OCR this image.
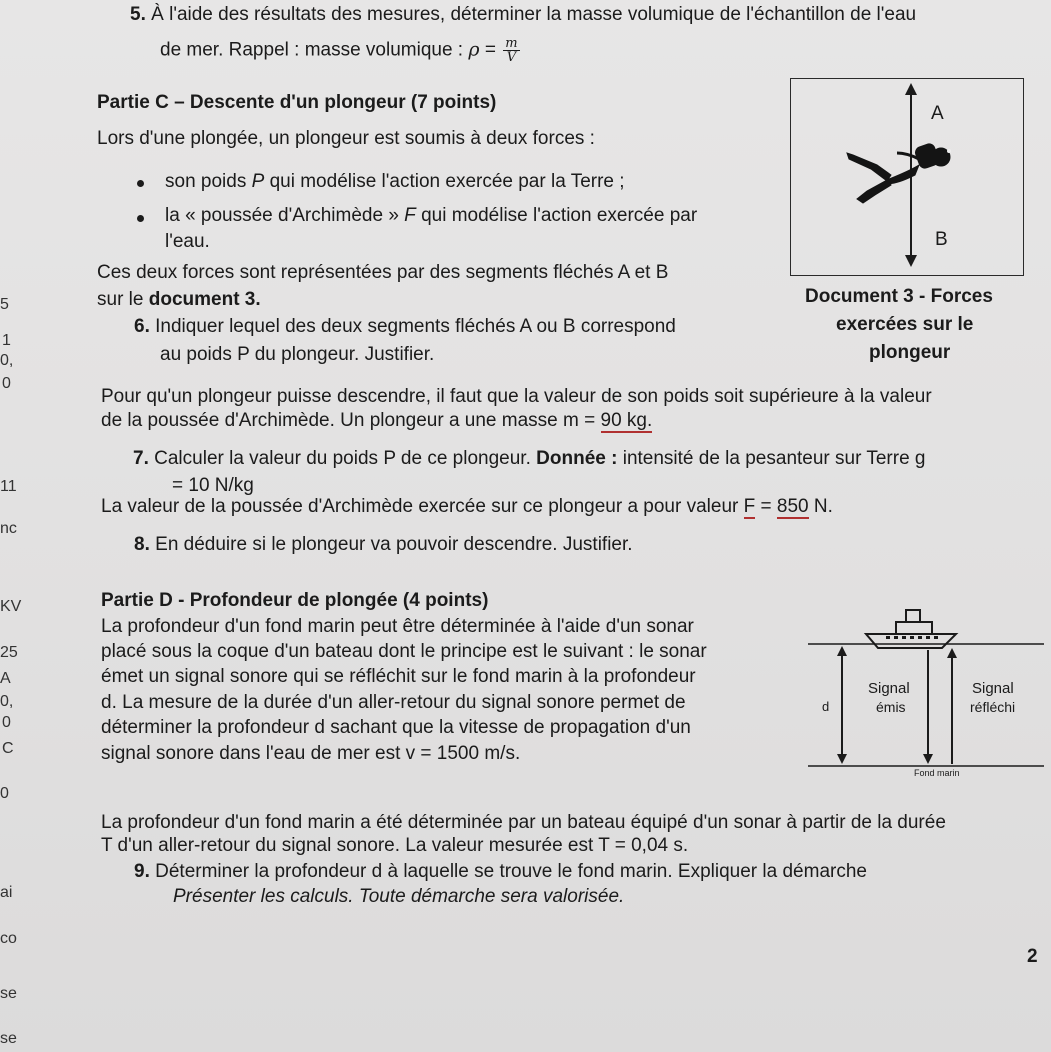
5
1
0,
0
11
nc
KV
25
A
0,
0
C
0
ai
co
se
se
5. À l'aide des résultats des mesures, déterminer la masse volumique de l'échantillon de l'eau
de mer. Rappel : masse volumique : $\rho = \frac{m}{V}$
Partie C – Descente d'un plongeur (7 points)
Lors d'une plongée, un plongeur est soumis à deux forces :
son poids P qui modélise l'action exercée par la Terre ;
la « poussée d'Archimède » F qui modélise l'action exercée par
l'eau.
Ces deux forces sont représentées par des segments fléchés A et B
sur le document 3.
A
B
Document 3 - Forces
exercées sur le
plongeur
6. Indiquer lequel des deux segments fléchés A ou B correspond
au poids P du plongeur. Justifier.
Pour qu'un plongeur puisse descendre, il faut que la valeur de son poids soit supérieure à la valeur
de la poussée d'Archimède. Un plongeur a une masse m = 90 kg.
7. Calculer la valeur du poids P de ce plongeur. Donnée : intensité de la pesanteur sur Terre g
= 10 N/kg
La valeur de la poussée d'Archimède exercée sur ce plongeur a pour valeur F = 850 N.
8. En déduire si le plongeur va pouvoir descendre. Justifier.
Partie D - Profondeur de plongée (4 points)
La profondeur d'un fond marin peut être déterminée à l'aide d'un sonar
placé sous la coque d'un bateau dont le principe est le suivant : le sonar
émet un signal sonore qui se réfléchit sur le fond marin à la profondeur
d. La mesure de la durée d'un aller-retour du signal sonore permet de
déterminer la profondeur d sachant que la vitesse de propagation d'un
signal sonore dans l'eau de mer est v = 1500 m/s.
d
Signal
émis
Signal
réfléchi
Fond marin
La profondeur d'un fond marin a été déterminée par un bateau équipé d'un sonar à partir de la durée
T d'un aller-retour du signal sonore. La valeur mesurée est T = 0,04 s.
9. Déterminer la profondeur d à laquelle se trouve le fond marin. Expliquer la démarche
Présenter les calculs. Toute démarche sera valorisée.
2
